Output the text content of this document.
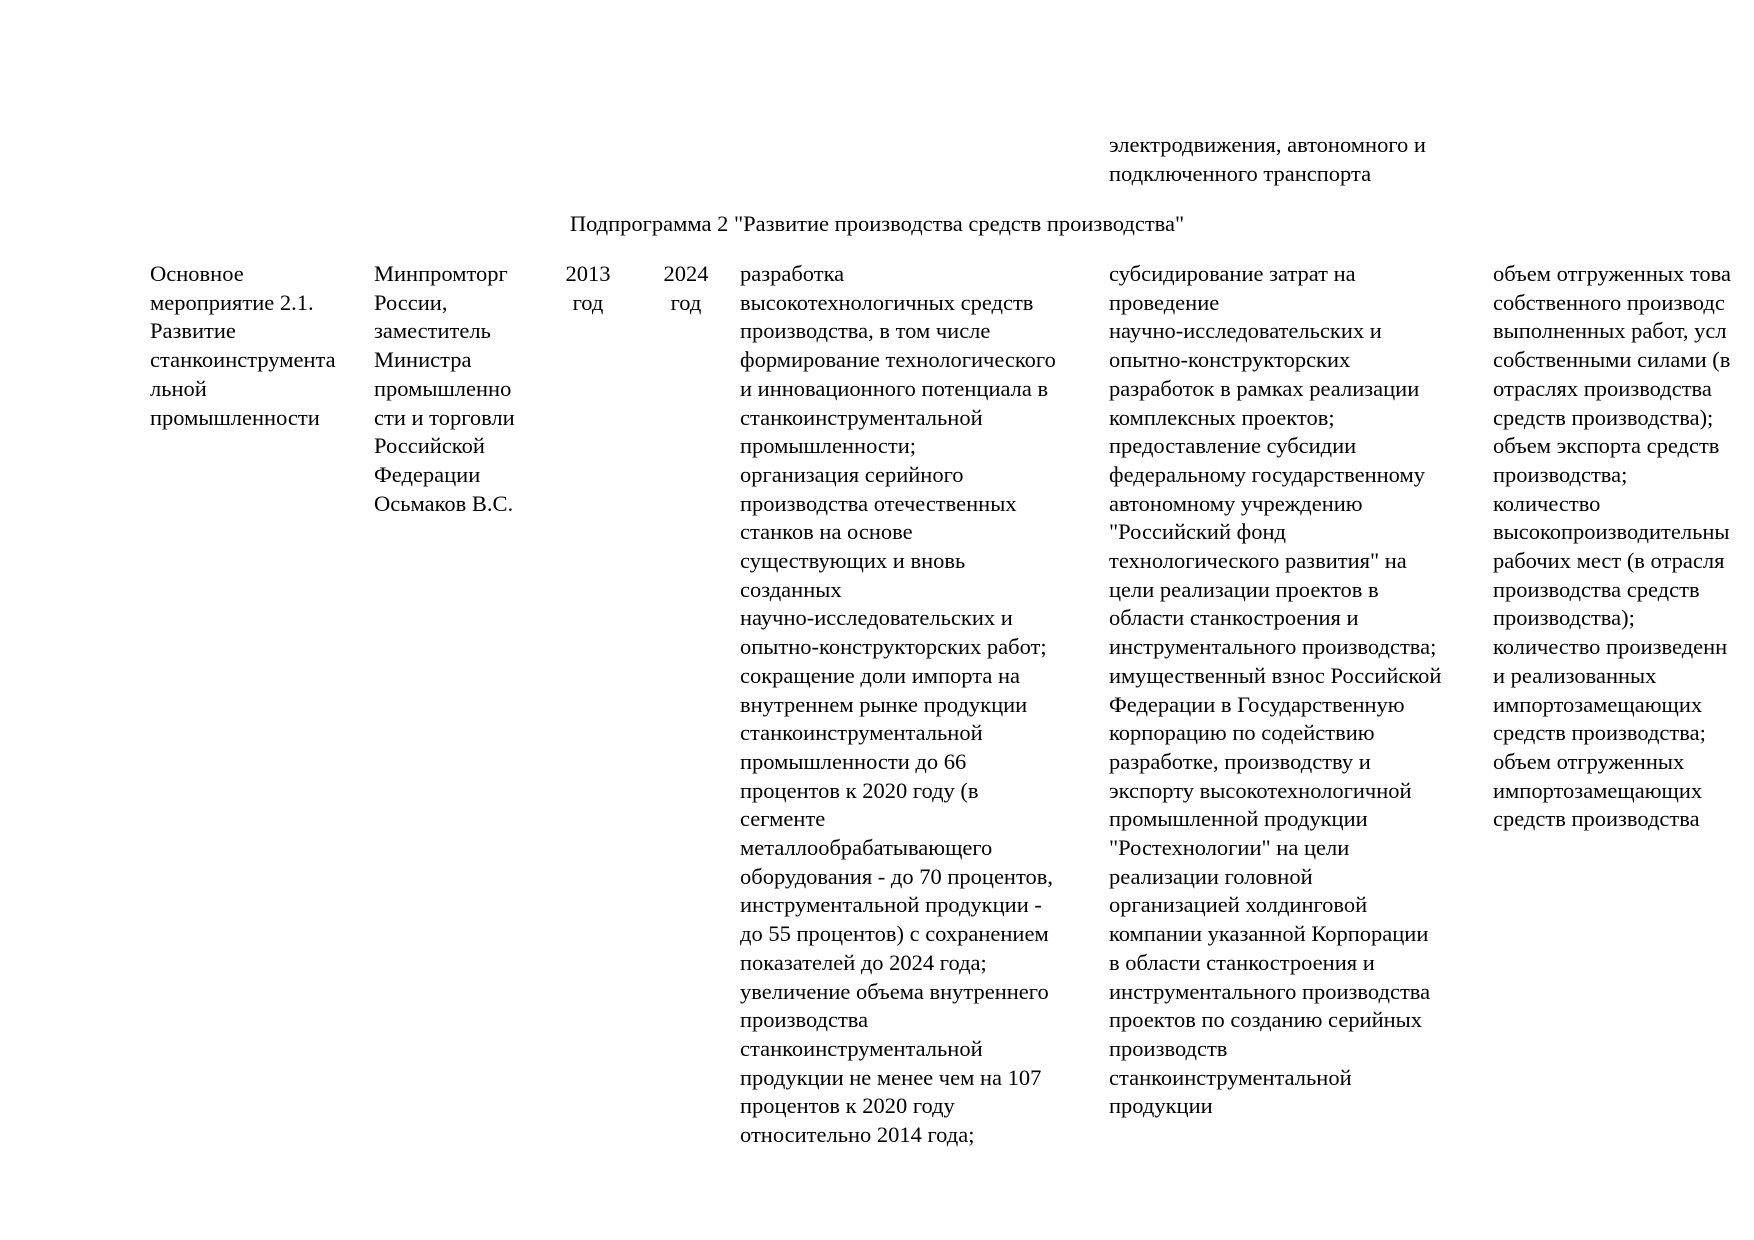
электродвижения, автономного и
подключенного транспорта
Подпрограмма 2 "Развитие производства средств производства"
Основное
мероприятие 2.1.
Развитие
станкоинструмента
льной
промышленности
Минпромторг
России,
заместитель
Министра
промышленно
сти и торговли
Российской
Федерации
Осьмаков В.С.
2013
год
2024
год
разработка
высокотехнологичных средств
производства, в том числе
формирование технологического
и инновационного потенциала в
станкоинструментальной
промышленности;
организация серийного
производства отечественных
станков на основе
существующих и вновь
созданных
научно-исследовательских и
опытно-конструкторских работ;
сокращение доли импорта на
внутреннем рынке продукции
станкоинструментальной
промышленности до 66
процентов к 2020 году (в
сегменте
металлообрабатывающего
оборудования - до 70 процентов,
инструментальной продукции -
до 55 процентов) с сохранением
показателей до 2024 года;
увеличение объема внутреннего
производства
станкоинструментальной
продукции не менее чем на 107
процентов к 2020 году
относительно 2014 года;
субсидирование затрат на
проведение
научно-исследовательских и
опытно-конструкторских
разработок в рамках реализации
комплексных проектов;
предоставление субсидии
федеральному государственному
автономному учреждению
"Российский фонд
технологического развития" на
цели реализации проектов в
области станкостроения и
инструментального производства;
имущественный взнос Российской
Федерации в Государственную
корпорацию по содействию
разработке, производству и
экспорту высокотехнологичной
промышленной продукции
"Ростехнологии" на цели
реализации головной
организацией холдинговой
компании указанной Корпорации
в области станкостроения и
инструментального производства
проектов по созданию серийных
производств
станкоинструментальной
продукции
объем отгруженных това
собственного производс
выполненных работ, усл
собственными силами (в
отраслях производства
средств производства);
объем экспорта средств
производства;
количество
высокопроизводительны
рабочих мест (в отрасля
производства средств
производства);
количество произведенн
и реализованных
импортозамещающих
средств производства;
объем отгруженных
импортозамещающих
средств производства
